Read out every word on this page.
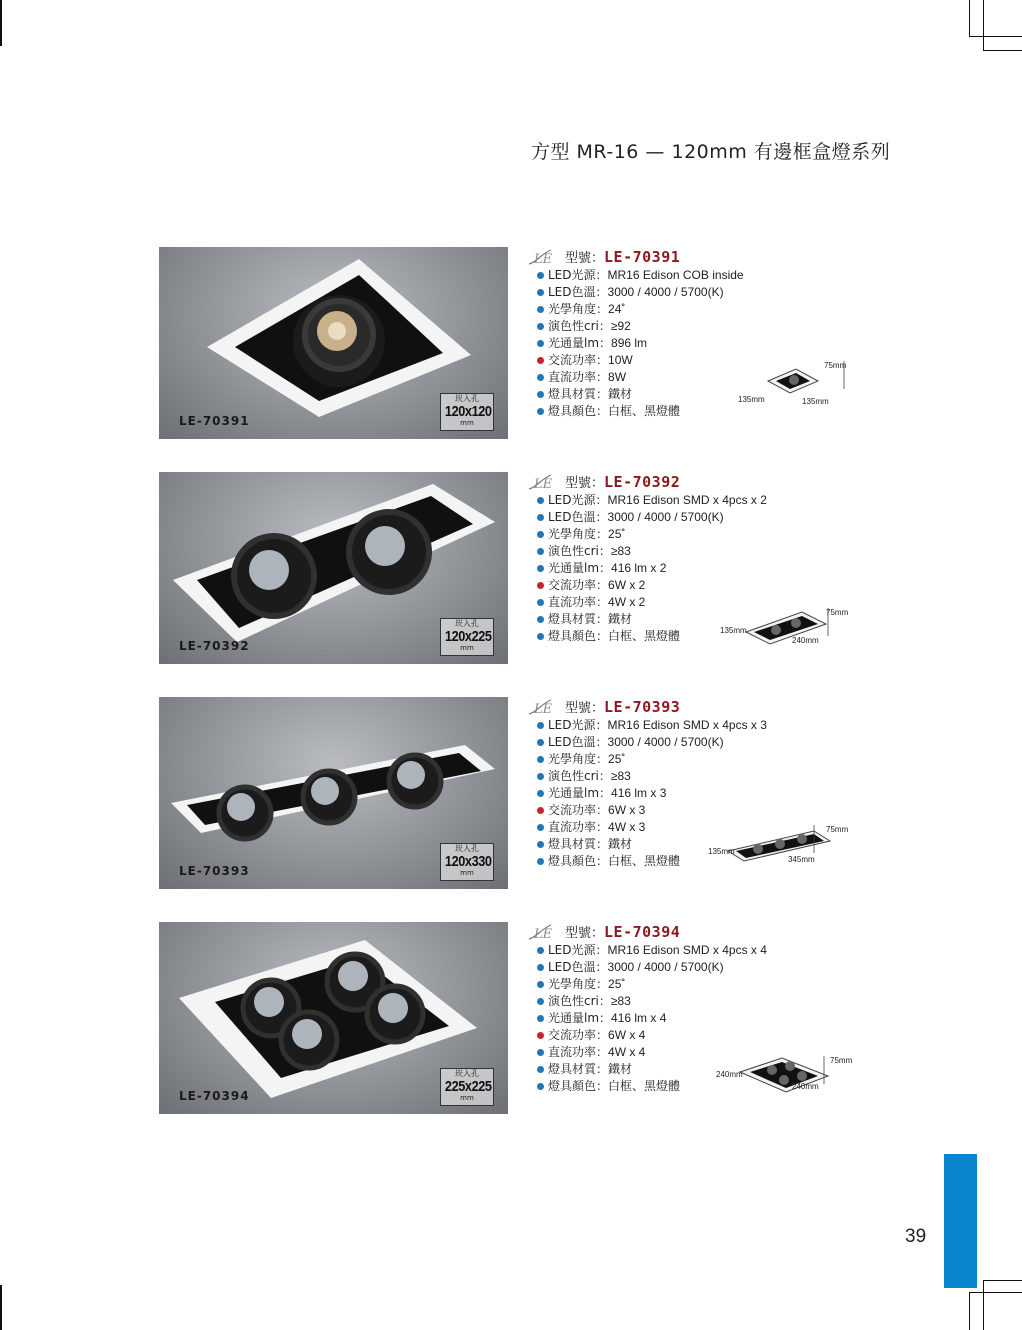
方型 MR-16 — 120mm 有邊框盒燈系列
LE-70391
崁入孔
120x120
mm
LE 型號：LE-70391
LED光源：MR16 Edison COB inside
LED色溫：3000 / 4000 / 5700(K)
光學角度：24˚
演色性cri：≥92
光通量lm：896 lm
交流功率：10W
直流功率：8W
燈具材質：鐵材
燈具顏色：白框、黑燈體
75mm
135mm	135mm
LE-70392
崁入孔
120x225
mm
LE 型號：LE-70392
LED光源：MR16 Edison SMD x 4pcs x 2
LED色溫：3000 / 4000 / 5700(K)
光學角度：25˚
演色性cri：≥83
光通量lm：416 lm x 2
交流功率：6W x 2
直流功率：4W x 2
燈具材質：鐵材
燈具顏色：白框、黑燈體
75mm
135mm
240mm
LE-70393
崁入孔
120x330
mm
LE 型號：LE-70393
LED光源：MR16 Edison SMD x 4pcs x 3
LED色溫：3000 / 4000 / 5700(K)
光學角度：25˚
演色性cri：≥83
光通量lm：416 lm x 3
交流功率：6W x 3
直流功率：4W x 3
燈具材質：鐵材
燈具顏色：白框、黑燈體
75mm
135mm
345mm
LE-70394
崁入孔
225x225
mm
LE 型號：LE-70394
LED光源：MR16 Edison SMD x 4pcs x 4
LED色溫：3000 / 4000 / 5700(K)
光學角度：25˚
演色性cri：≥83
光通量lm：416 lm x 4
交流功率：6W x 4
直流功率：4W x 4
燈具材質：鐵材
燈具顏色：白框、黑燈體
75mm
240mm
240mm
39
